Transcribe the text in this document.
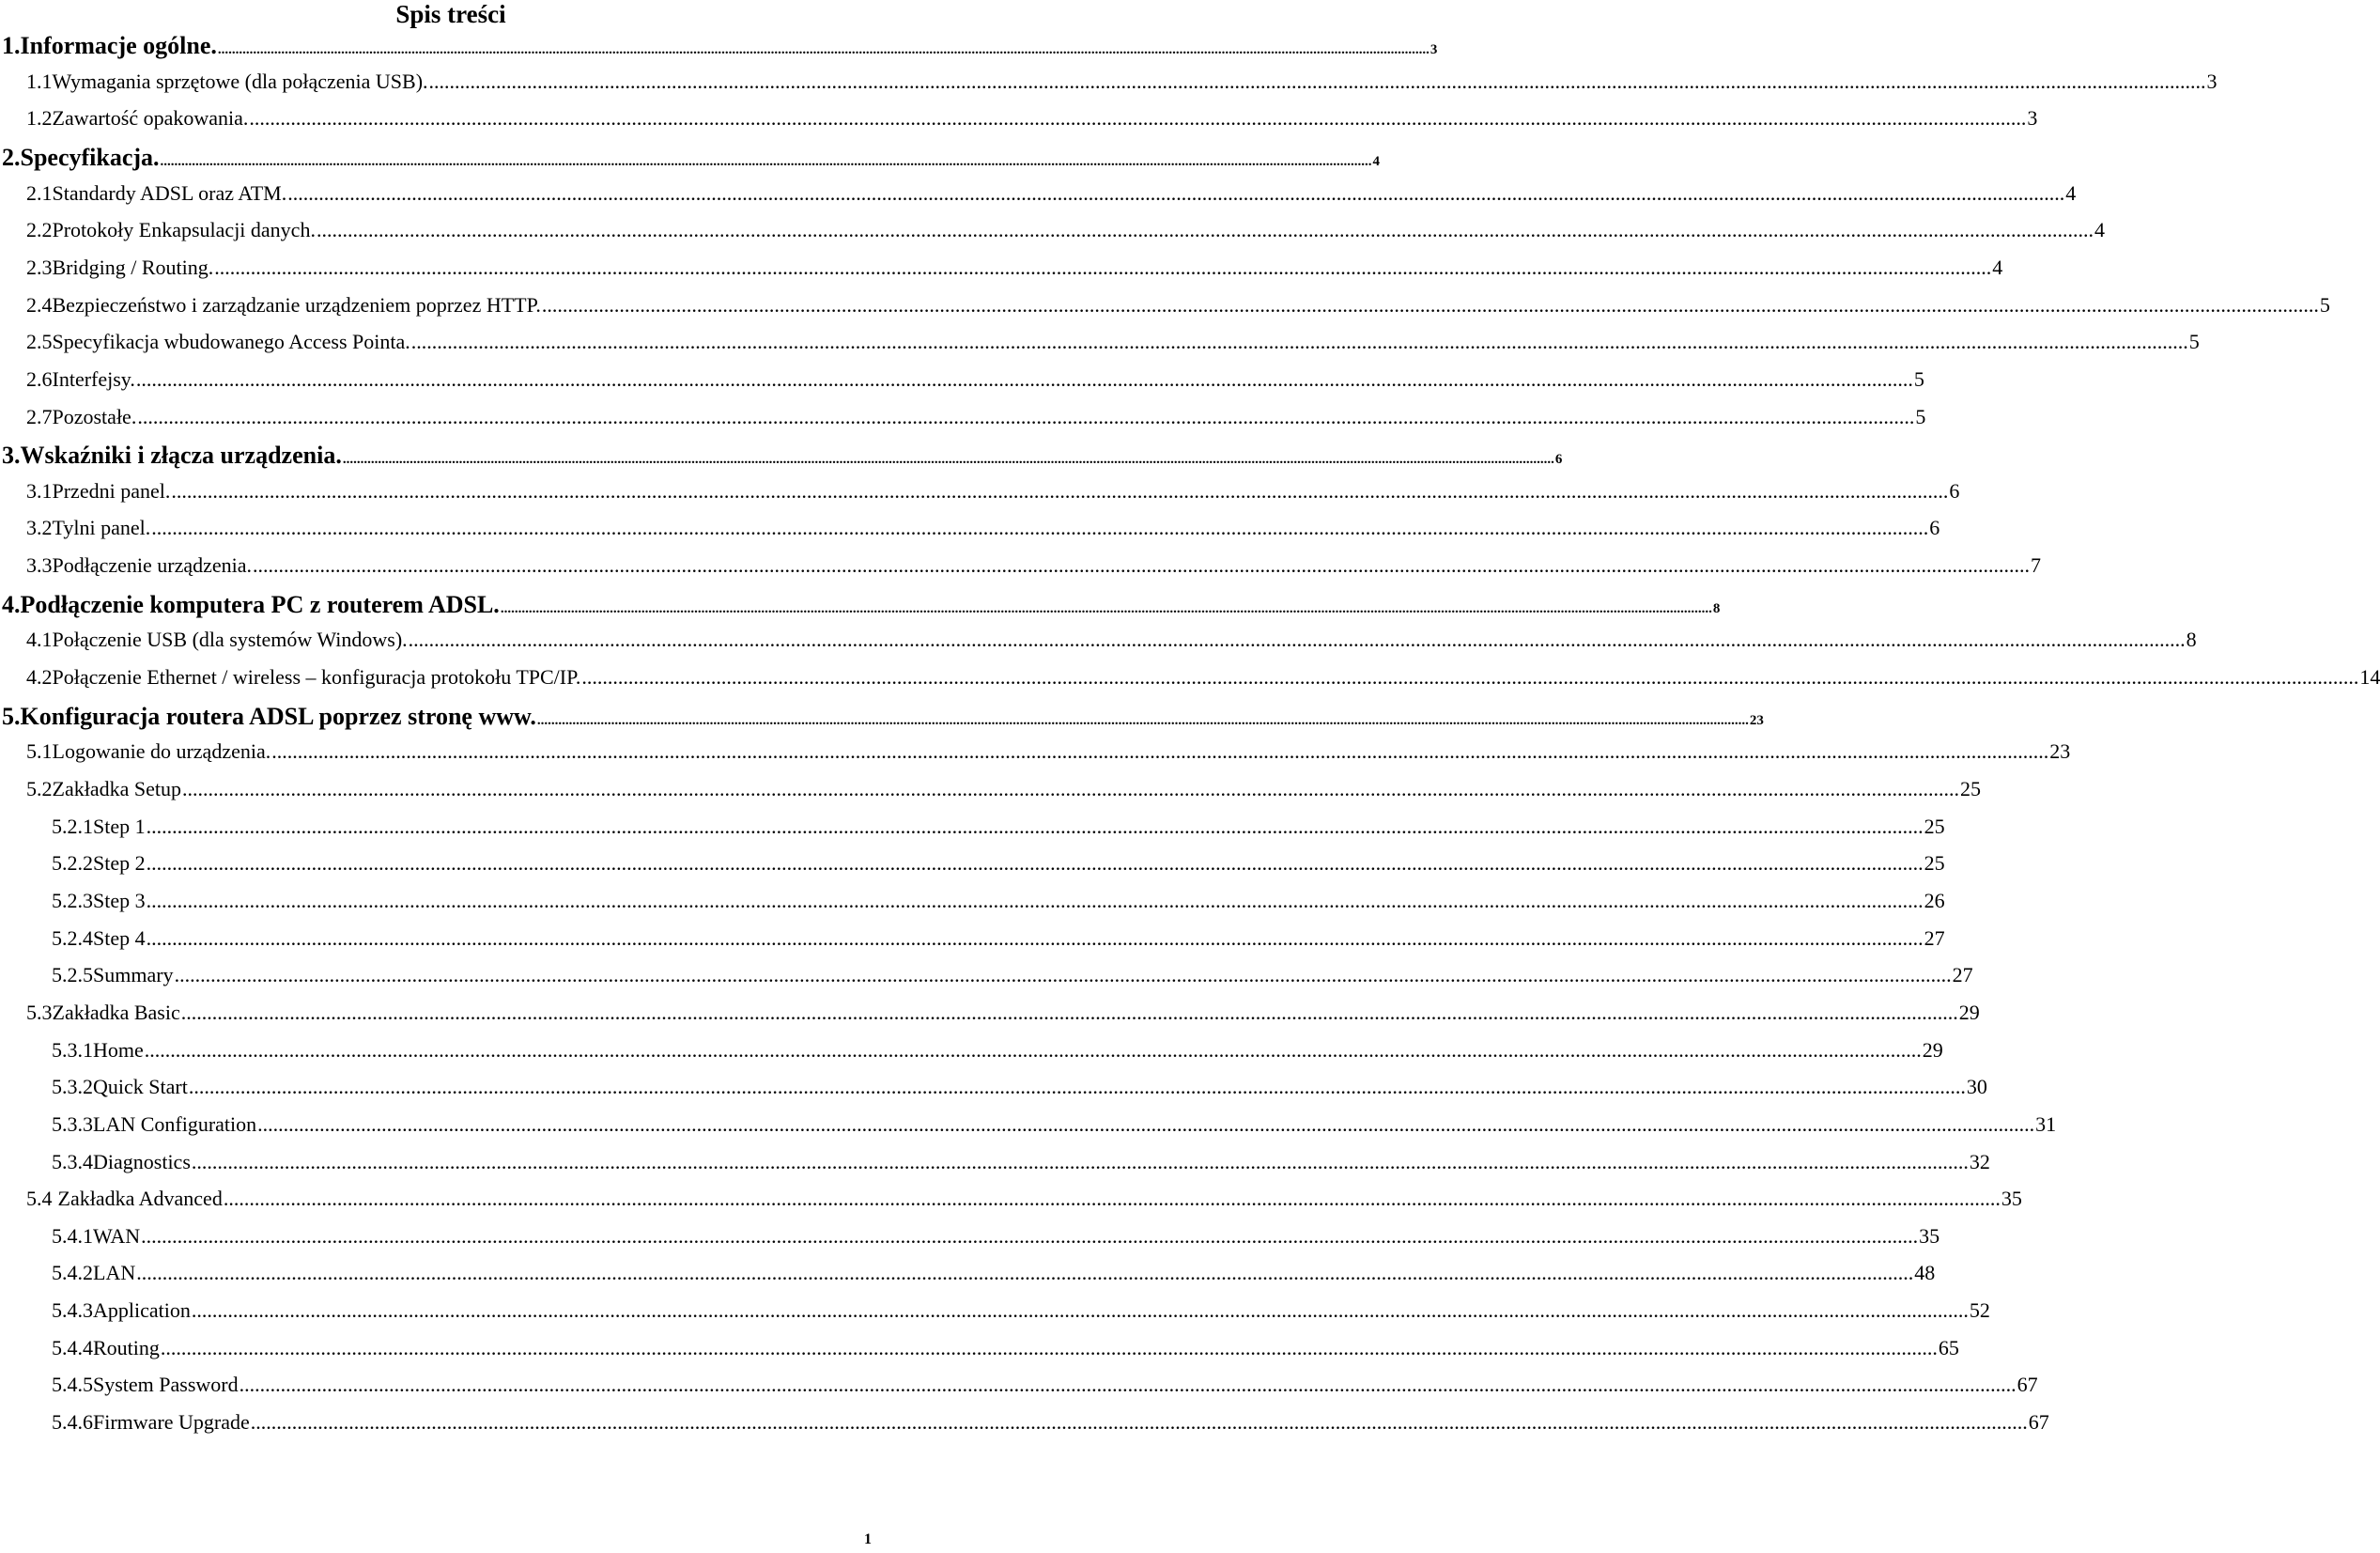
Spis treści
1. Informacje ogólne. .....	3
1.1 Wymagania sprzętowe (dla połączenia USB). .....	3
1.2 Zawartość opakowania. .....	3
2. Specyfikacja. .....	4
2.1 Standardy ADSL oraz ATM. .....	4
2.2 Protokoły Enkapsulacji danych. .....	4
2.3 Bridging / Routing. .....	4
2.4 Bezpieczeństwo i zarządzanie urządzeniem poprzez HTTP. .....	5
2.5 Specyfikacja wbudowanego Access Pointa. .....	5
2.6 Interfejsy. .....	5
2.7 Pozostałe. .....	5
3. Wskaźniki i złącza urządzenia. .....	6
3.1 Przedni panel. .....	6
3.2 Tylni panel. .....	6
3.3 Podłączenie urządzenia. .....	7
4. Podłączenie komputera PC z routerem ADSL. .....	8
4.1 Połączenie USB (dla systemów Windows). .....	8
4.2 Połączenie Ethernet / wireless – konfiguracja protokołu TPC/IP. .....	14
5. Konfiguracja routera ADSL poprzez stronę www. .....	23
5.1 Logowanie do urządzenia. .....	23
5.2 Zakładka Setup .....	25
5.2.1 Step 1 .....	25
5.2.2 Step 2 .....	25
5.2.3 Step 3 .....	26
5.2.4 Step 4 .....	27
5.2.5 Summary .....	27
5.3 Zakładka Basic .....	29
5.3.1 Home .....	29
5.3.2 Quick Start .....	30
5.3.3 LAN Configuration .....	31
5.3.4 Diagnostics .....	32
5.4 Zakładka Advanced .....	35
5.4.1 WAN .....	35
5.4.2 LAN .....	48
5.4.3 Application .....	52
5.4.4 Routing .....	65
5.4.5 System Password .....	67
5.4.6 Firmware Upgrade .....	67
1
